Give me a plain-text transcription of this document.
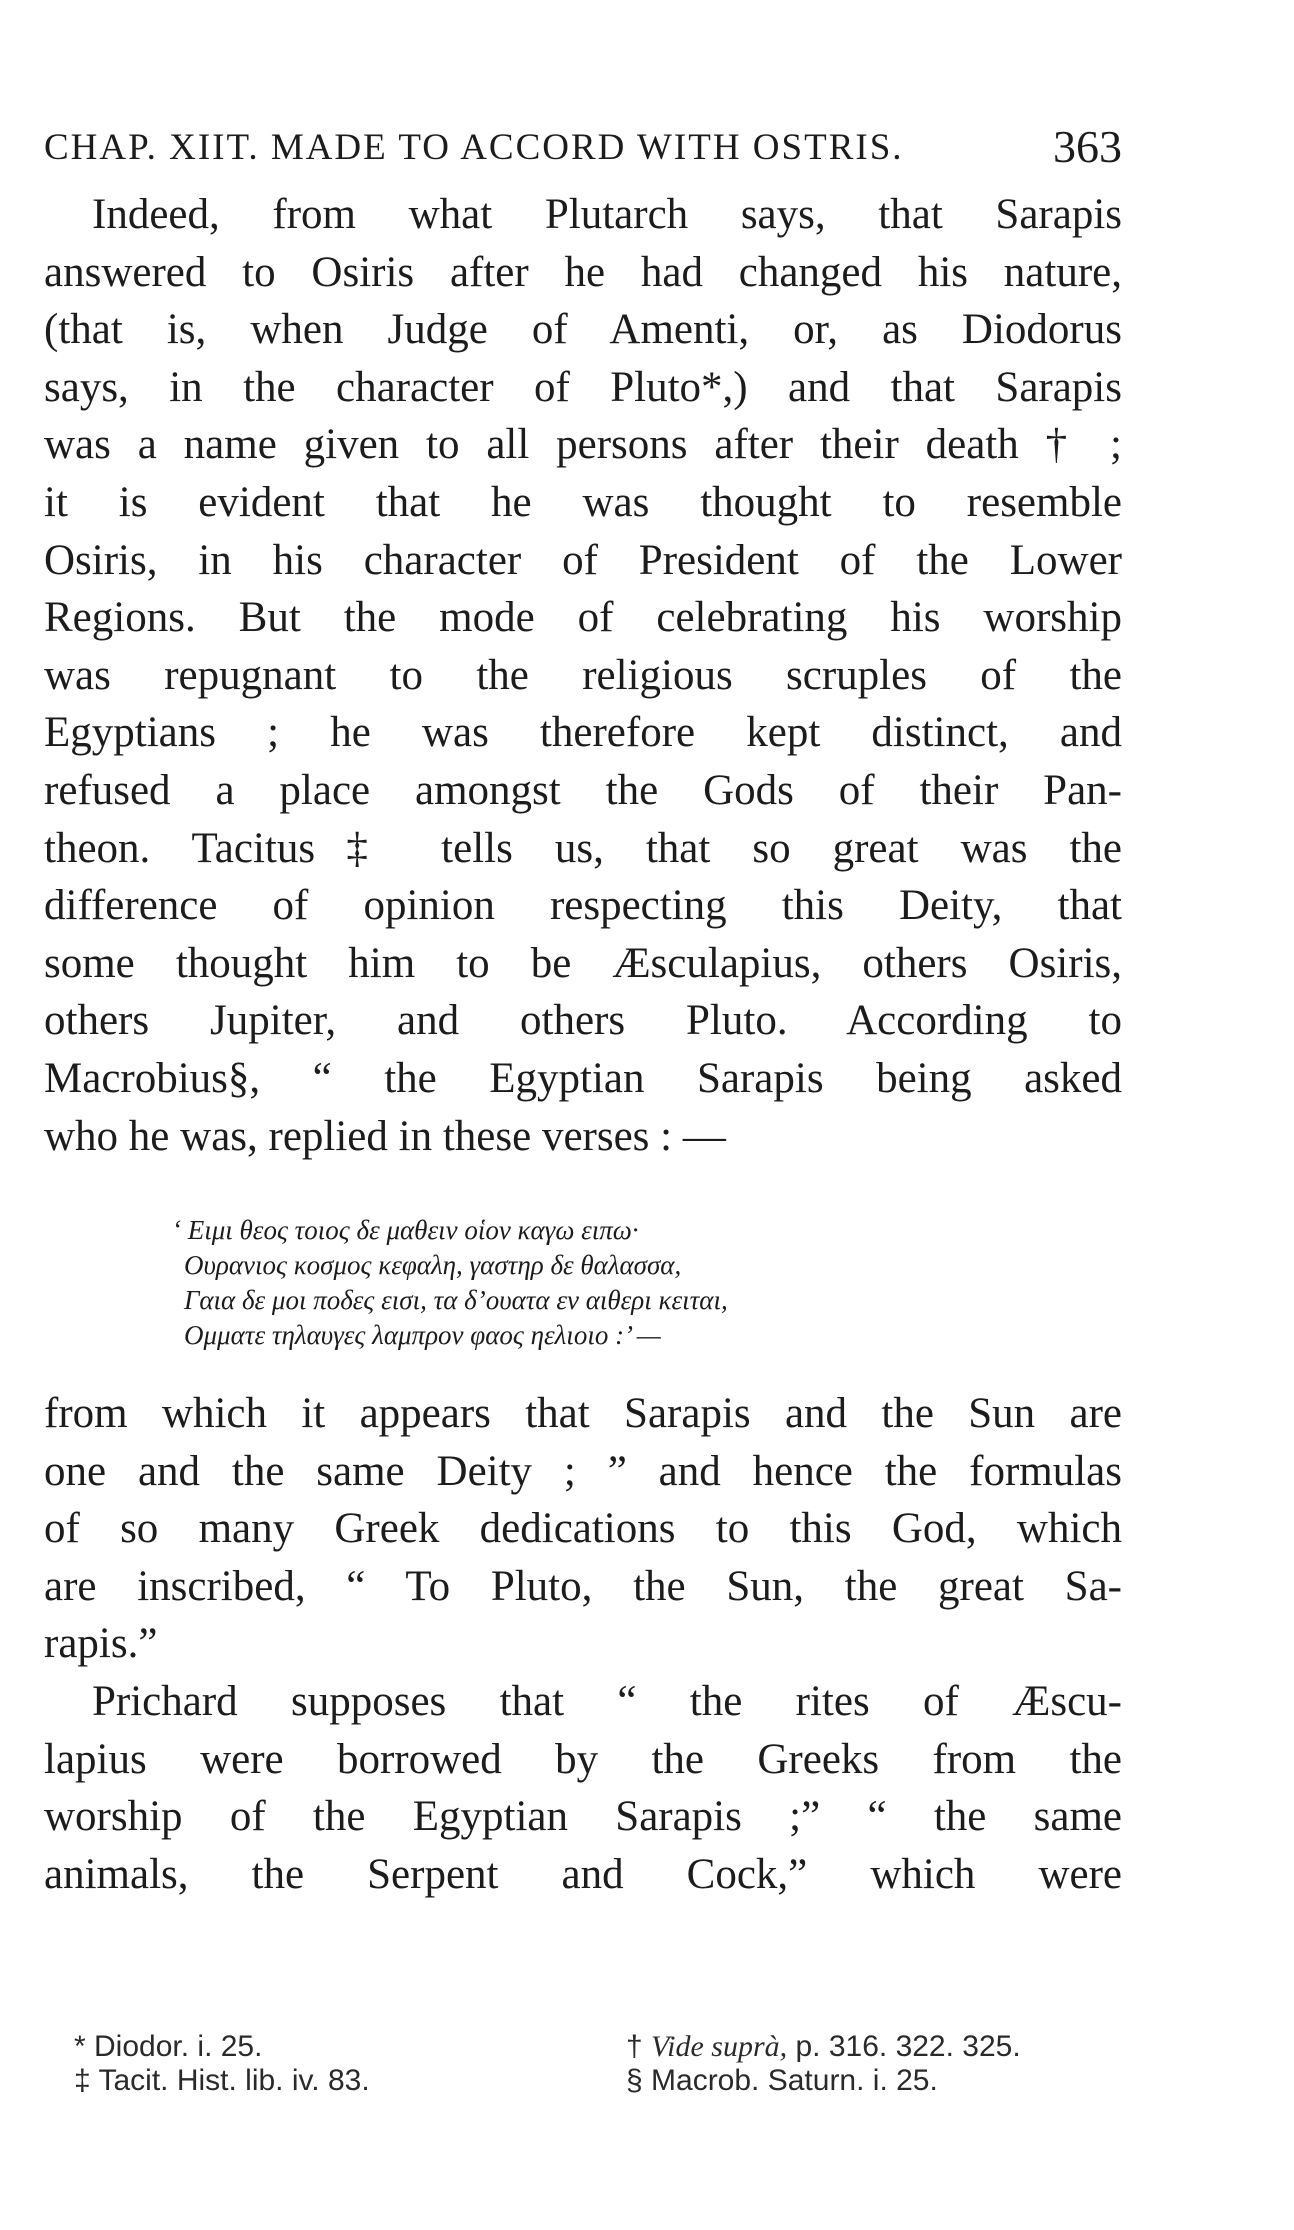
CHAP. XIIT. MADE TO ACCORD WITH OSTRIS.	363
Indeed, from what Plutarch says, that Sarapis
answered to Osiris after he had changed his nature,
(that is, when Judge of Amenti, or, as Diodorus
says, in the character of Pluto*,) and that Sarapis
was a name given to all persons after their death † ;
it is evident that he was thought to resemble
Osiris, in his character of President of the Lower
Regions. But the mode of celebrating his worship
was repugnant to the religious scruples of the
Egyptians ; he was therefore kept distinct, and
refused a place amongst the Gods of their Pan-
theon. Tacitus‡ tells us, that so great was the
difference of opinion respecting this Deity, that
some thought him to be Æsculapius, others Osiris,
others Jupiter, and others Pluto. According to
Macrobius§, “ the Egyptian Sarapis being asked
who he was, replied in these verses : —
‘ Ειμι θεος τοιος δε μαθειν οἱον καγω ειπω·
Ουρανιος κοσμος κεφαλη, γαστηρ δε θαλασσα,
Γαια δε μοι ποδες εισι, τα δ’ουατα εν αιθερι κειται,
Ομματε τηλαυγες λαμπρον φαος ηελιοιο :’ —
from which it appears that Sarapis and the Sun are
one and the same Deity ; ” and hence the formulas
of so many Greek dedications to this God, which
are inscribed, “ To Pluto, the Sun, the great Sa-
rapis.”
Prichard supposes that “ the rites of Æscu-
lapius were borrowed by the Greeks from the
worship of the Egyptian Sarapis ;” “ the same
animals, the Serpent and Cock,” which were
* Diodor. i. 25.	† Vide suprà, p. 316. 322. 325.
‡ Tacit. Hist. lib. iv. 83.	§ Macrob. Saturn. i. 25.
